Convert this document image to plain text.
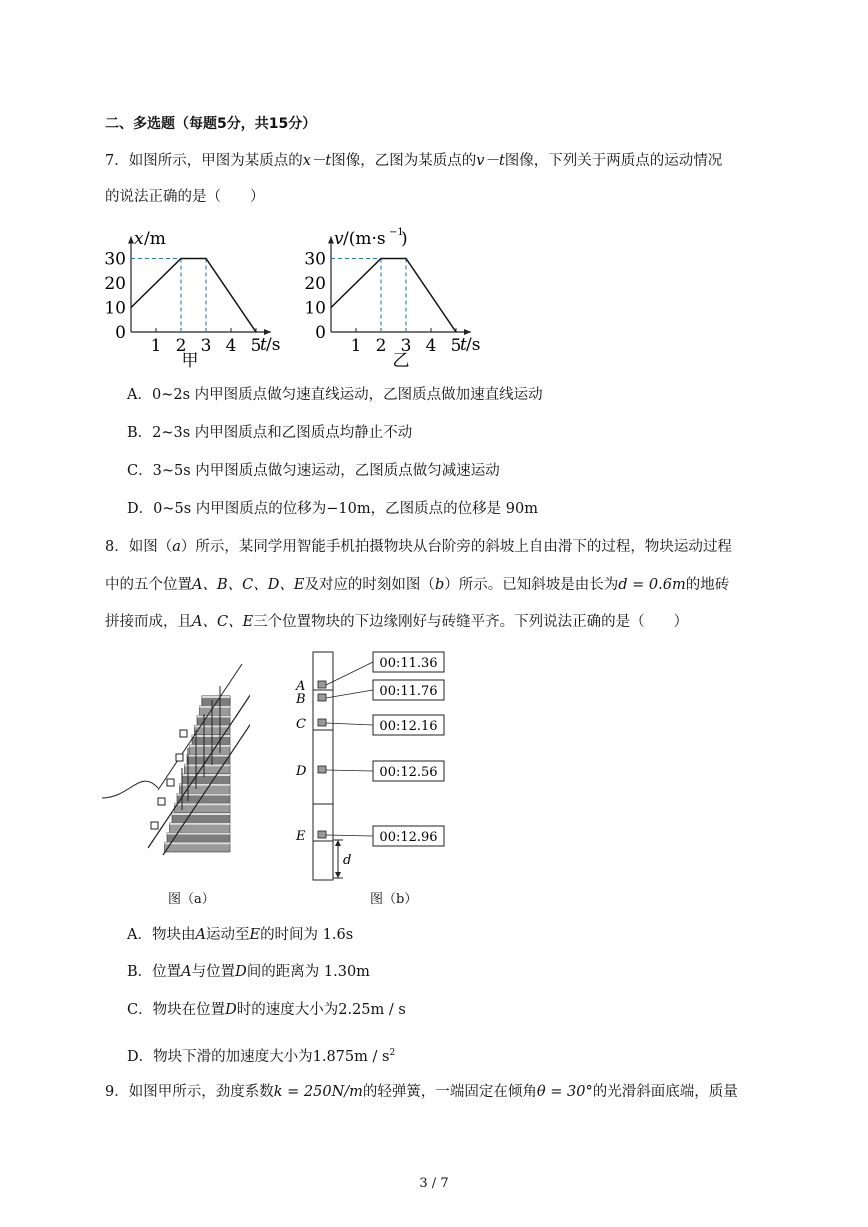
二、多选题（每题5分，共15分）
7．如图所示，甲图为某质点的x－t图像，乙图为某质点的v－t图像，下列关于两质点的运动情况
的说法正确的是（　　）
x /m
0
10
20
30
1 2 3 4 5
t /s
甲
v /(m·s −1
)
0
10
20
30
1 2 3 4 5
t /s
乙
A．0~2s 内甲图质点做匀速直线运动，乙图质点做加速直线运动
B．2~3s 内甲图质点和乙图质点均静止不动
C．3~5s 内甲图质点做匀速运动，乙图质点做匀减速运动
D．0~5s 内甲图质点的位移为−10m，乙图质点的位移是 90m
8．如图（a）所示，某同学用智能手机拍摄物块从台阶旁的斜坡上自由滑下的过程，物块运动过程
中的五个位置A、B、C、D、E及对应的时刻如图（b）所示。已知斜坡是由长为d = 0.6m的地砖
拼接而成，且A、C、E三个位置物块的下边缘刚好与砖缝平齐。下列说法正确的是（　　）
图（a）
A
00:11.36
B
00:11.76
C	00:12.16
D	00:12.56
E	00:12.96
d
图（b）
A．物块由A运动至E的时间为 1.6s
B．位置A与位置D间的距离为 1.30m
C．物块在位置D时的速度大小为2.25m / s
D．物块下滑的加速度大小为$1.875m / s^2$
9．如图甲所示，劲度系数k = 250N/m的轻弹簧，一端固定在倾角θ = 30°的光滑斜面底端，质量
3 / 7
